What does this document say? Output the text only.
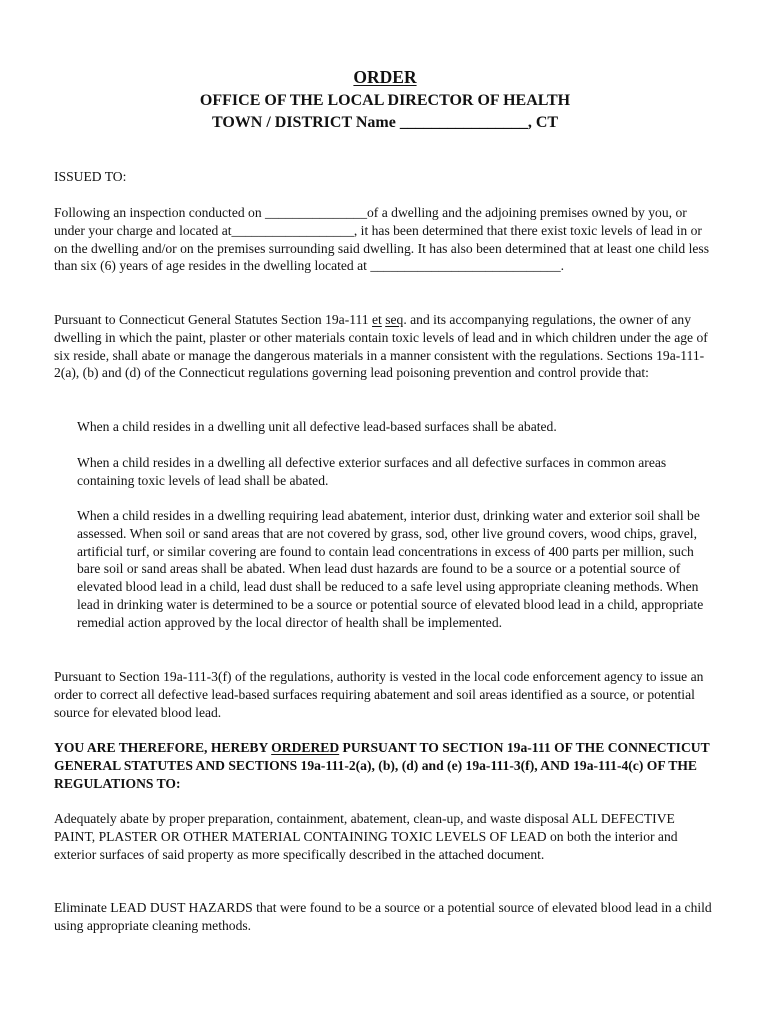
ORDER
OFFICE OF THE LOCAL DIRECTOR OF HEALTH
TOWN / DISTRICT Name ________________, CT

ISSUED TO:

Following an inspection conducted on _______________of a dwelling and the adjoining premises owned by you, or under your charge and located at__________________, it has been determined that there exist toxic levels of lead in or on the dwelling and/or on the premises surrounding said dwelling. It has also been determined that at least one child less than six (6) years of age resides in the dwelling located at ____________________________.

Pursuant to Connecticut General Statutes Section 19a-111 et seq. and its accompanying regulations, the owner of any dwelling in which the paint, plaster or other materials contain toxic levels of lead and in which children under the age of six reside, shall abate or manage the dangerous materials in a manner consistent with the regulations. Sections 19a-111-2(a), (b) and (d) of the Connecticut regulations governing lead poisoning prevention and control provide that:

When a child resides in a dwelling unit all defective lead-based surfaces shall be abated.

When a child resides in a dwelling all defective exterior surfaces and all defective surfaces in common areas containing toxic levels of lead shall be abated.

When a child resides in a dwelling requiring lead abatement, interior dust, drinking water and exterior soil shall be assessed. When soil or sand areas that are not covered by grass, sod, other live ground covers, wood chips, gravel, artificial turf, or similar covering are found to contain lead concentrations in excess of 400 parts per million, such bare soil or sand areas shall be abated. When lead dust hazards are found to be a source or a potential source of elevated blood lead in a child, lead dust shall be reduced to a safe level using appropriate cleaning methods. When lead in drinking water is determined to be a source or potential source of elevated blood lead in a child, appropriate remedial action approved by the local director of health shall be implemented.

Pursuant to Section 19a-111-3(f) of the regulations, authority is vested in the local code enforcement agency to issue an order to correct all defective lead-based surfaces requiring abatement and soil areas identified as a source, or potential source for elevated blood lead.

YOU ARE THEREFORE, HEREBY ORDERED PURSUANT TO SECTION 19a-111 OF THE CONNECTICUT GENERAL STATUTES AND SECTIONS 19a-111-2(a), (b), (d) and (e) 19a-111-3(f), AND 19a-111-4(c) OF THE REGULATIONS TO:

Adequately abate by proper preparation, containment, abatement, clean-up, and waste disposal ALL DEFECTIVE PAINT, PLASTER OR OTHER MATERIAL CONTAINING TOXIC LEVELS OF LEAD on both the interior and exterior surfaces of said property as more specifically described in the attached document.

Eliminate LEAD DUST HAZARDS that were found to be a source or a potential source of elevated blood lead in a child using appropriate cleaning methods.
